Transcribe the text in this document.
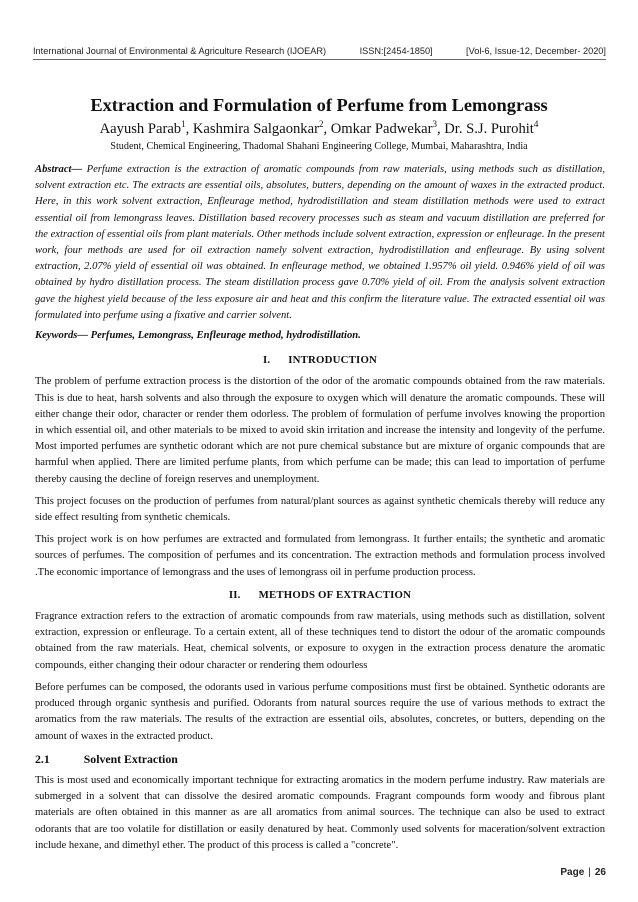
International Journal of Environmental & Agriculture Research (IJOEAR)	ISSN:[2454-1850]	[Vol-6, Issue-12, December- 2020]
Extraction and Formulation of Perfume from Lemongrass
Aayush Parab$^1$, Kashmira Salgaonkar$^2$, Omkar Padwekar$^3$, Dr. S.J. Purohit$^4$
Student, Chemical Engineering, Thadomal Shahani Engineering College, Mumbai, Maharashtra, India

Abstract— Perfume extraction is the extraction of aromatic compounds from raw materials, using methods such as distillation, solvent extraction etc. The extracts are essential oils, absolutes, butters, depending on the amount of waxes in the extracted product. Here, in this work solvent extraction, Enfleurage method, hydrodistillation and steam distillation methods were used to extract essential oil from lemongrass leaves. Distillation based recovery processes such as steam and vacuum distillation are preferred for the extraction of essential oils from plant materials. Other methods include solvent extraction, expression or enfleurage. In the present work, four methods are used for oil extraction namely solvent extraction, hydrodistillation and enfleurage. By using solvent extraction, 2.07% yield of essential oil was obtained. In enfleurage method, we obtained 1.957% oil yield. 0.946% yield of oil was obtained by hydro distillation process. The steam distillation process gave 0.70% yield of oil. From the analysis solvent extraction gave the highest yield because of the less exposure air and heat and this confirm the literature value. The extracted essential oil was formulated into perfume using a fixative and carrier solvent.

Keywords— Perfumes, Lemongrass, Enfleurage method, hydrodistillation.

I. INTRODUCTION

The problem of perfume extraction process is the distortion of the odor of the aromatic compounds obtained from the raw materials. This is due to heat, harsh solvents and also through the exposure to oxygen which will denature the aromatic compounds. These will either change their odor, character or render them odorless. The problem of formulation of perfume involves knowing the proportion in which essential oil, and other materials to be mixed to avoid skin irritation and increase the intensity and longevity of the perfume. Most imported perfumes are synthetic odorant which are not pure chemical substance but are mixture of organic compounds that are harmful when applied. There are limited perfume plants, from which perfume can be made; this can lead to importation of perfume thereby causing the decline of foreign reserves and unemployment.

This project focuses on the production of perfumes from natural/plant sources as against synthetic chemicals thereby will reduce any side effect resulting from synthetic chemicals.

This project work is on how perfumes are extracted and formulated from lemongrass. It further entails; the synthetic and aromatic sources of perfumes. The composition of perfumes and its concentration. The extraction methods and formulation process involved .The economic importance of lemongrass and the uses of lemongrass oil in perfume production process.

II. METHODS OF EXTRACTION

Fragrance extraction refers to the extraction of aromatic compounds from raw materials, using methods such as distillation, solvent extraction, expression or enfleurage. To a certain extent, all of these techniques tend to distort the odour of the aromatic compounds obtained from the raw materials. Heat, chemical solvents, or exposure to oxygen in the extraction process denature the aromatic compounds, either changing their odour character or rendering them odourless

Before perfumes can be composed, the odorants used in various perfume compositions must first be obtained. Synthetic odorants are produced through organic synthesis and purified. Odorants from natural sources require the use of various methods to extract the aromatics from the raw materials. The results of the extraction are essential oils, absolutes, concretes, or butters, depending on the amount of waxes in the extracted product.

2.1	Solvent Extraction

This is most used and economically important technique for extracting aromatics in the modern perfume industry. Raw materials are submerged in a solvent that can dissolve the desired aromatic compounds. Fragrant compounds form woody and fibrous plant materials are often obtained in this manner as are all aromatics from animal sources. The technique can also be used to extract odorants that are too volatile for distillation or easily denatured by heat. Commonly used solvents for maceration/solvent extraction include hexane, and dimethyl ether. The product of this process is called a "concrete".

Page | 26
